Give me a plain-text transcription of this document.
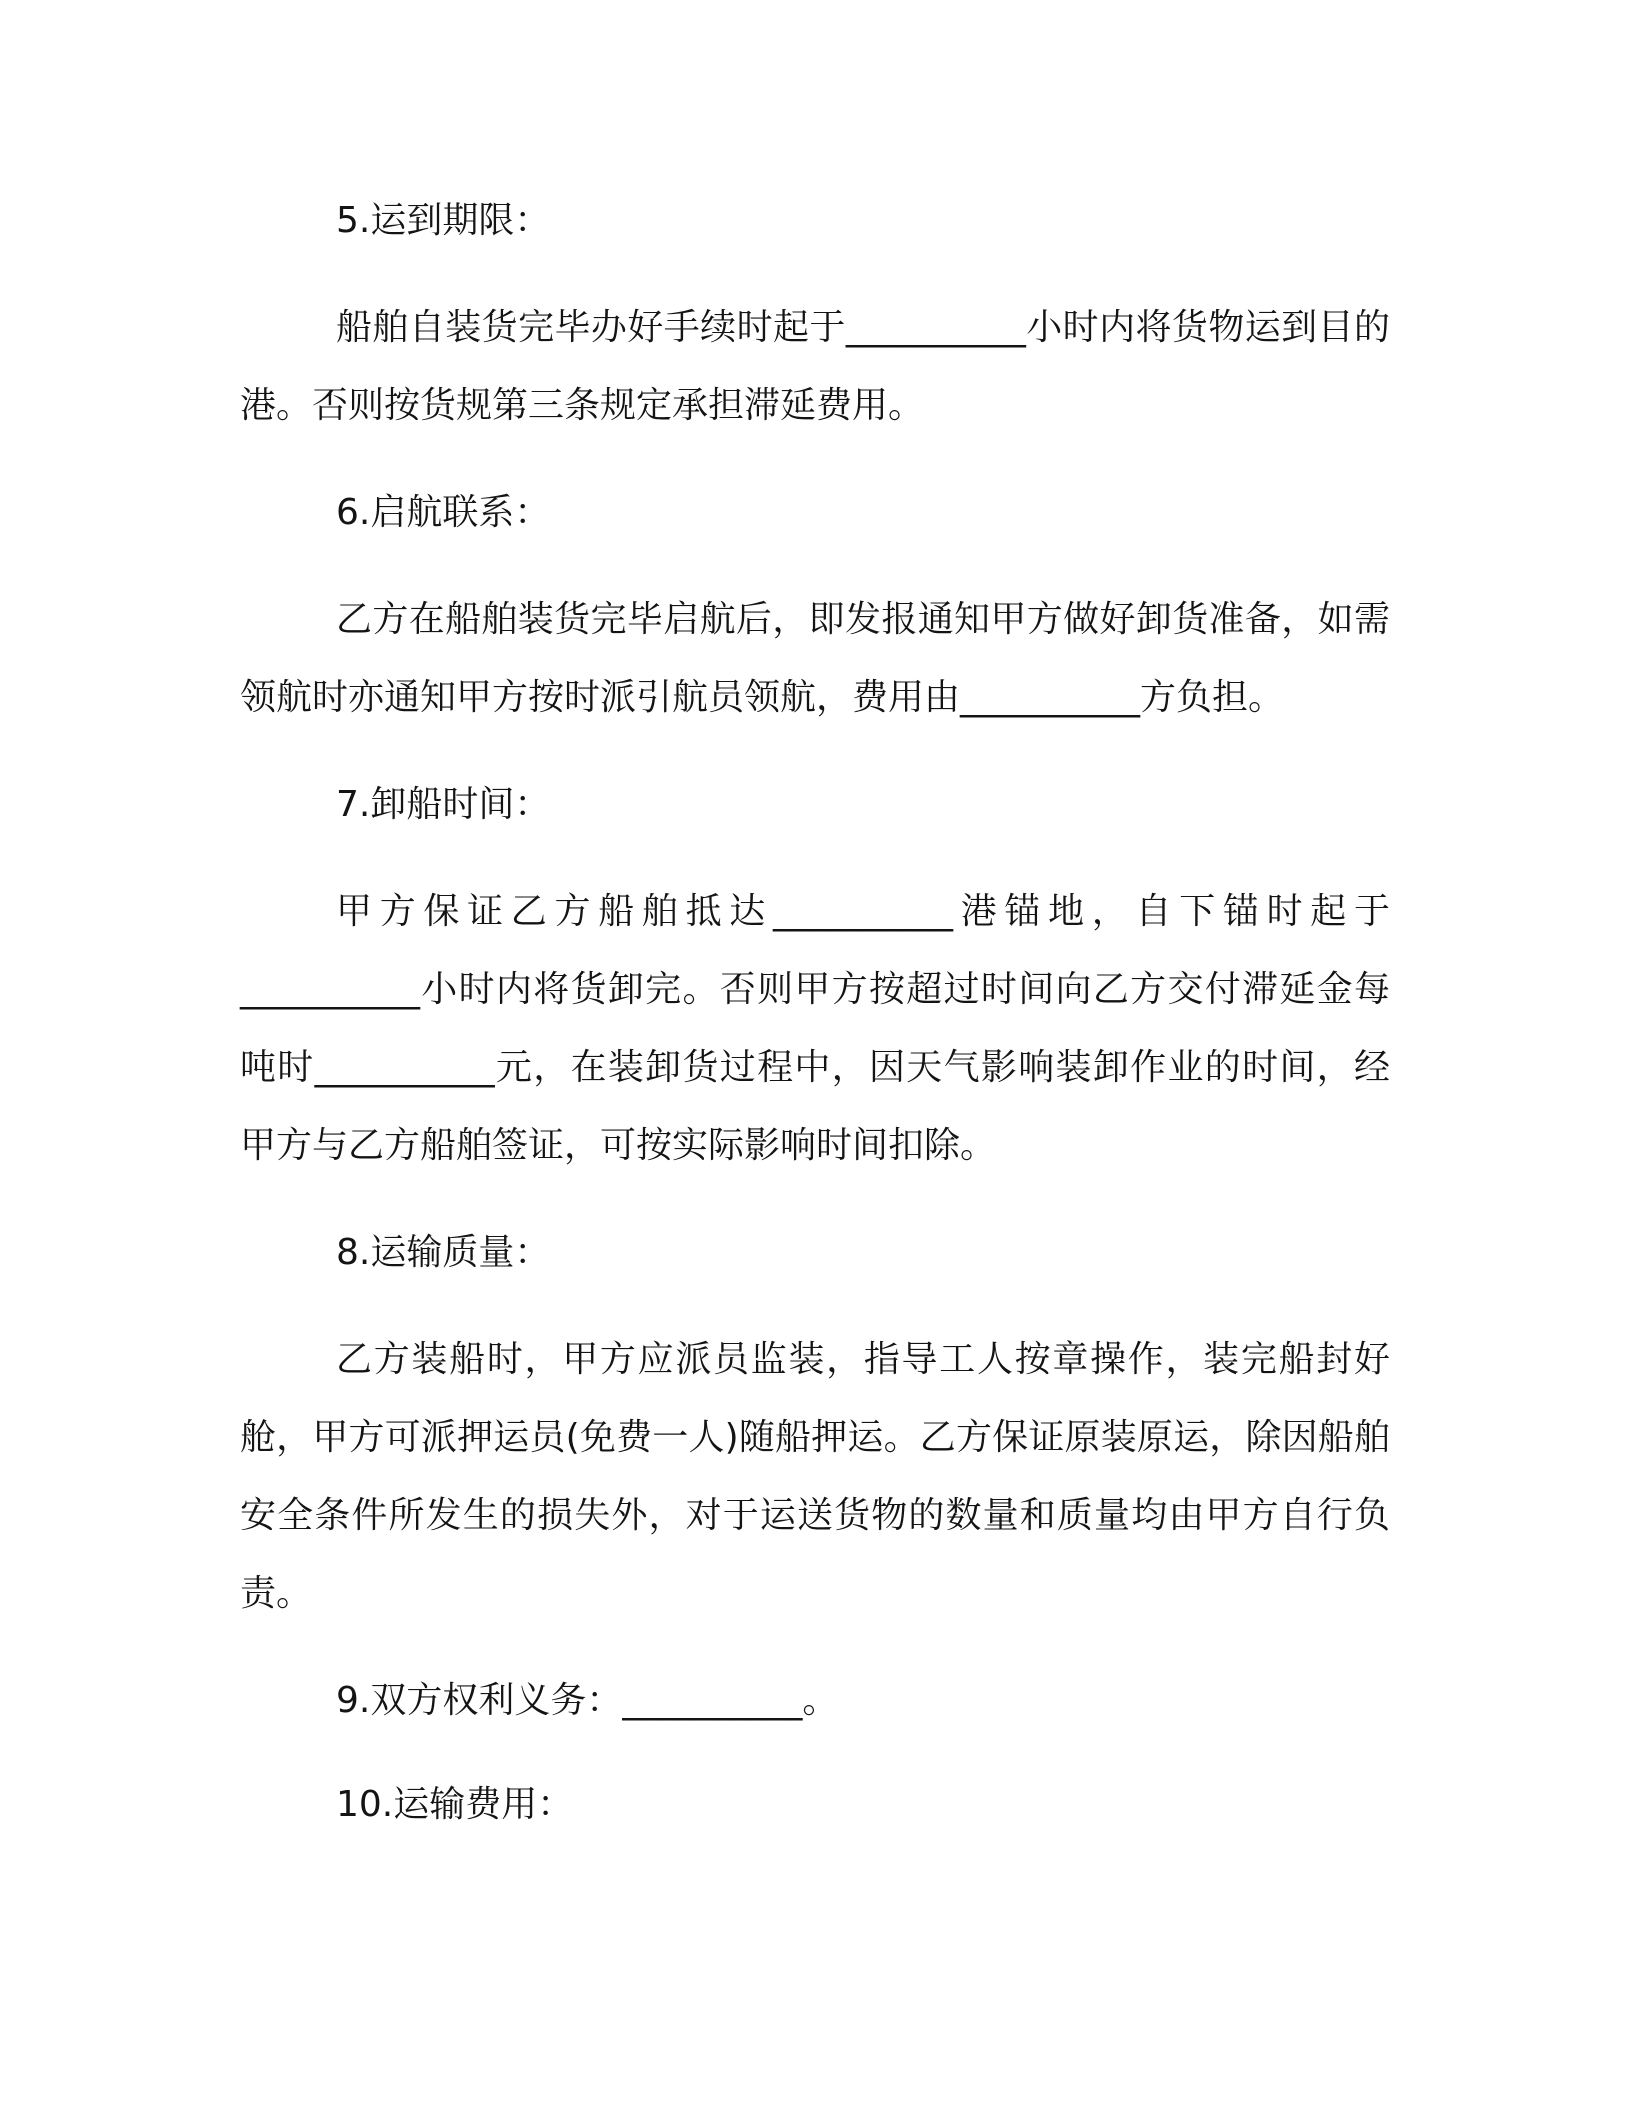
5.运到期限：

船舶自装货完毕办好手续时起于__________小时内将货物运到目的港。否则按货规第三条规定承担滞延费用。

6.启航联系：

乙方在船舶装货完毕启航后，即发报通知甲方做好卸货准备，如需领航时亦通知甲方按时派引航员领航，费用由__________方负担。

7.卸船时间：

甲方保证乙方船舶抵达__________港锚地，自下锚时起于__________小时内将货卸完。否则甲方按超过时间向乙方交付滞延金每吨时__________元，在装卸货过程中，因天气影响装卸作业的时间，经甲方与乙方船舶签证，可按实际影响时间扣除。

8.运输质量：

乙方装船时，甲方应派员监装，指导工人按章操作，装完船封好舱，甲方可派押运员(免费一人)随船押运。乙方保证原装原运，除因船舶安全条件所发生的损失外，对于运送货物的数量和质量均由甲方自行负责。

9.双方权利义务：__________。

10.运输费用：
